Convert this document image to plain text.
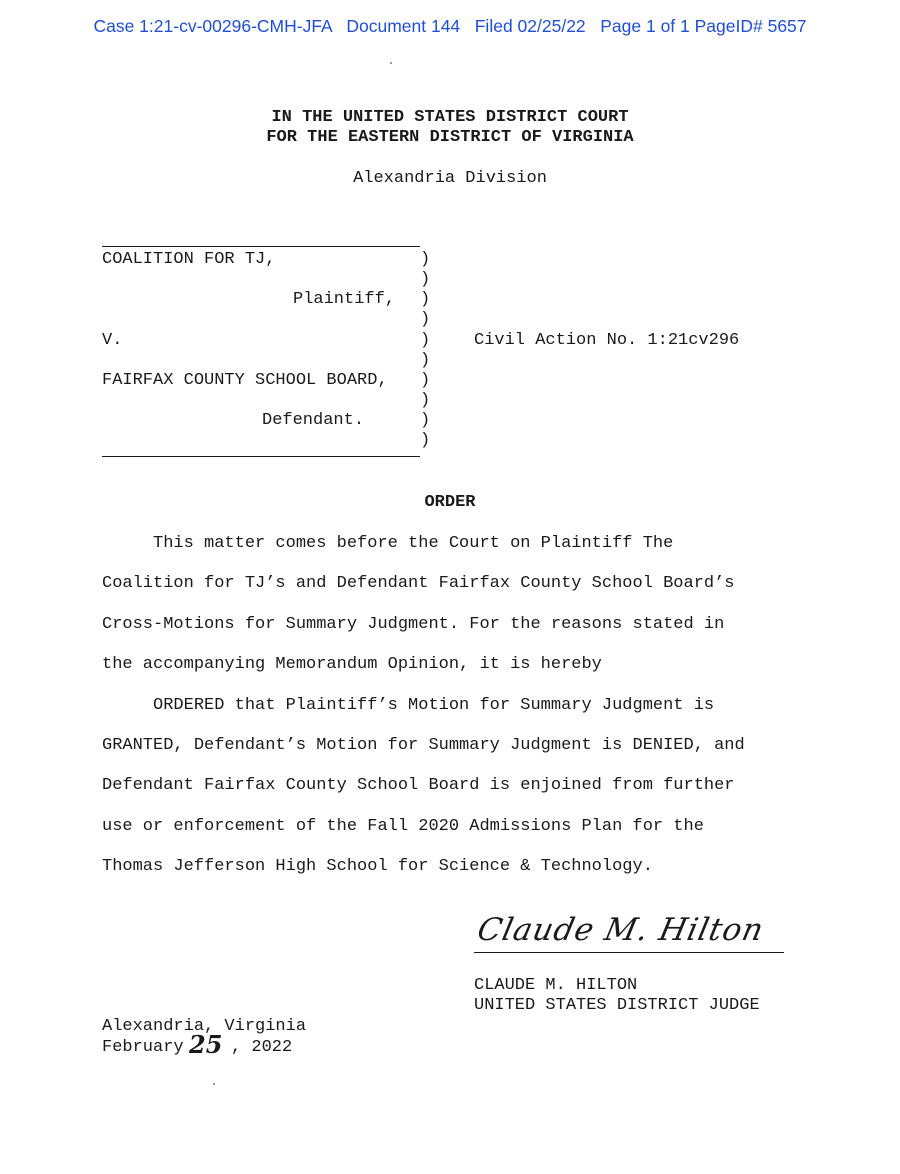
Case 1:21-cv-00296-CMH-JFA   Document 144   Filed 02/25/22   Page 1 of 1 PageID# 5657
IN THE UNITED STATES DISTRICT COURT
FOR THE EASTERN DISTRICT OF VIRGINIA
Alexandria Division
COALITION FOR TJ,
Plaintiff,
V.
FAIRFAX COUNTY SCHOOL BOARD,
Defendant.
)
)
)
)
)
)
)
)
)
)
Civil Action No. 1:21cv296
ORDER
This matter comes before the Court on Plaintiff The
Coalition for TJ’s and Defendant Fairfax County School Board’s
Cross-Motions for Summary Judgment. For the reasons stated in
the accompanying Memorandum Opinion, it is hereby
ORDERED that Plaintiff’s Motion for Summary Judgment is
GRANTED, Defendant’s Motion for Summary Judgment is DENIED, and
Defendant Fairfax County School Board is enjoined from further
use or enforcement of the Fall 2020 Admissions Plan for the
Thomas Jefferson High School for Science & Technology.
Claude M. Hilton
CLAUDE M. HILTON
UNITED STATES DISTRICT JUDGE
Alexandria, Virginia
February 25 , 2022
